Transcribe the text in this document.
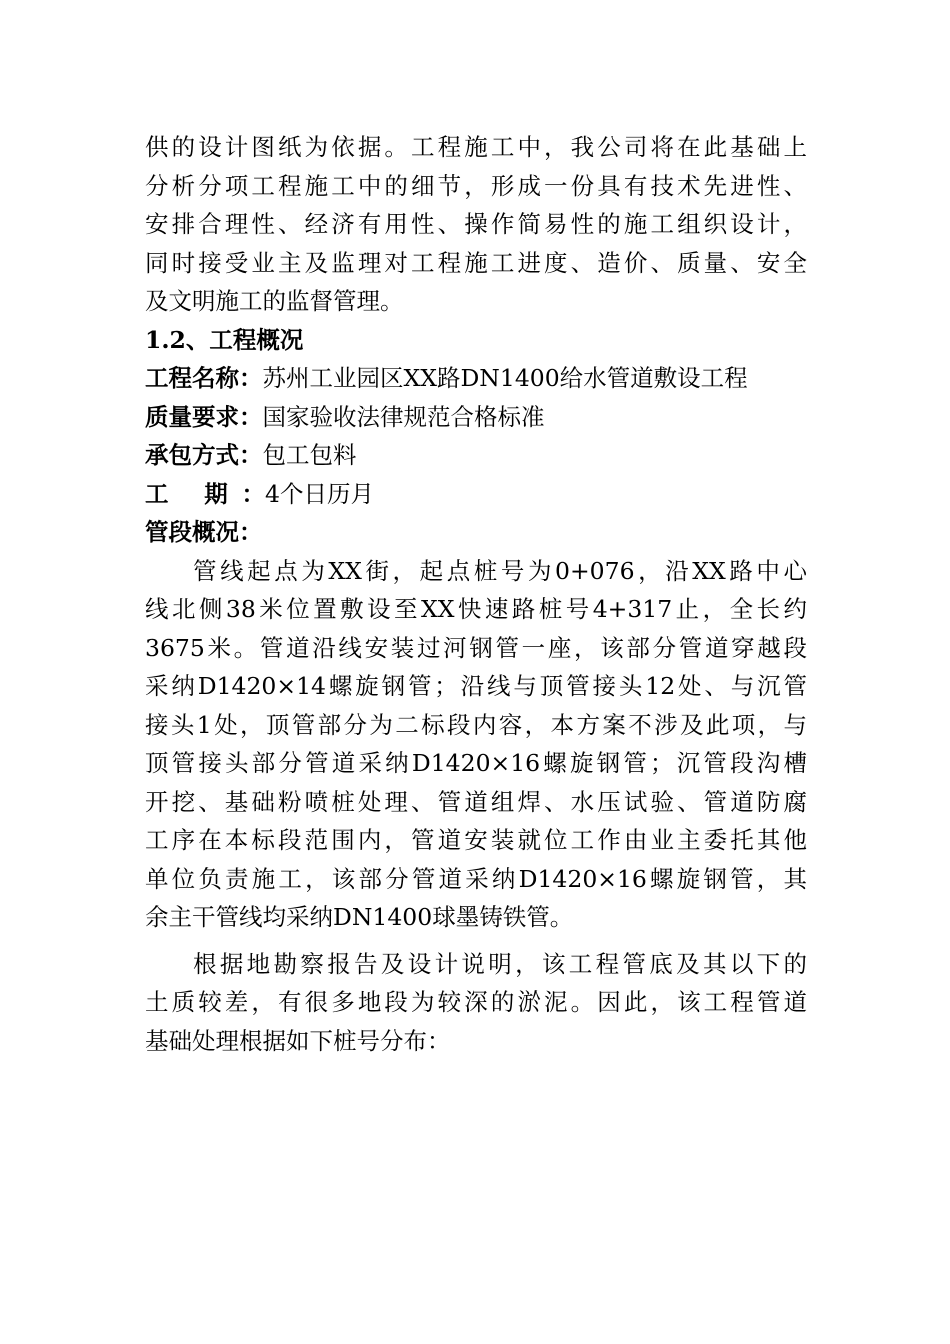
供的设计图纸为依据。工程施工中，我公司将在此基础上
分析分项工程施工中的细节，形成一份具有技术先进性、
安排合理性、经济有用性、操作简易性的施工组织设计，
同时接受业主及监理对工程施工进度、造价、质量、安全
及文明施工的监督管理。
1.2、工程概况
工程名称：苏州工业园区XX路DN1400给水管道敷设工程
质量要求：国家验收法律规范合格标准
承包方式：包工包料
工 期：4个日历月
管段概况：
管线起点为XX街，起点桩号为0+076，沿XX路中心
线北侧38米位置敷设至XX快速路桩号4+317止，全长约
3675米。管道沿线安装过河钢管一座，该部分管道穿越段
采纳D1420×14螺旋钢管；沿线与顶管接头12处、与沉管
接头1处，顶管部分为二标段内容，本方案不涉及此项，与
顶管接头部分管道采纳D1420×16螺旋钢管；沉管段沟槽
开挖、基础粉喷桩处理、管道组焊、水压试验、管道防腐
工序在本标段范围内，管道安装就位工作由业主委托其他
单位负责施工，该部分管道采纳D1420×16螺旋钢管，其
余主干管线均采纳DN1400球墨铸铁管。
根据地勘察报告及设计说明，该工程管底及其以下的
土质较差，有很多地段为较深的淤泥。因此，该工程管道
基础处理根据如下桩号分布：
